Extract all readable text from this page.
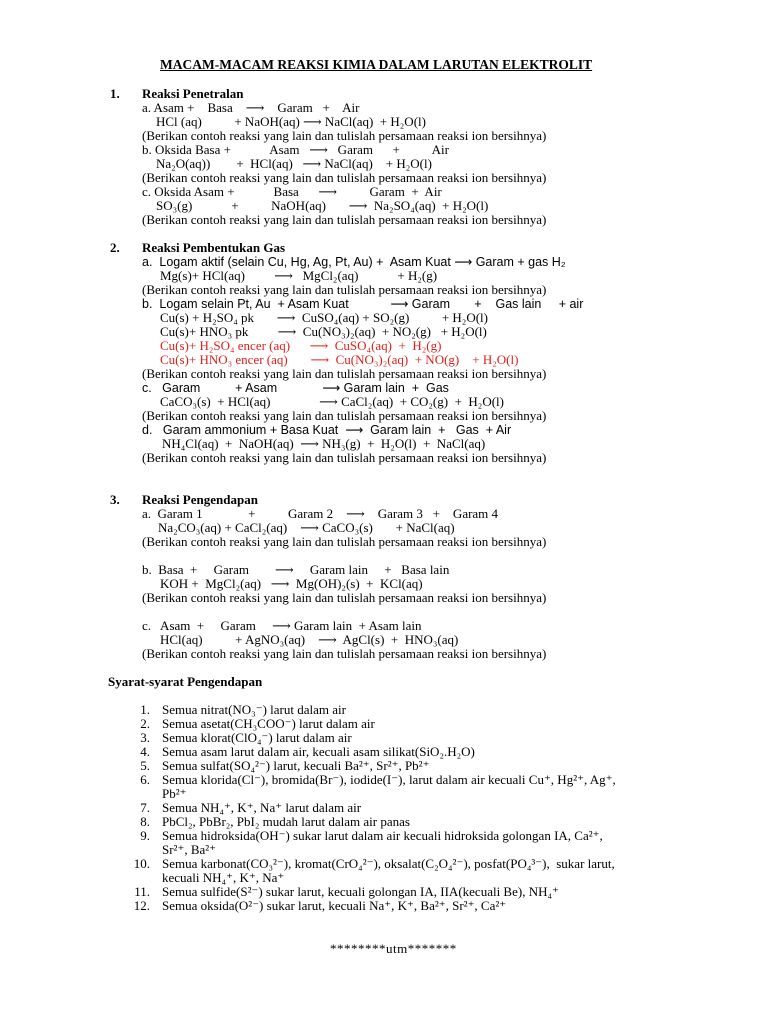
MACAM-MACAM REAKSI KIMIA DALAM LARUTAN ELEKTROLIT
1. Reaksi Penetralan
a. Asam +    Basa    ⟶    Garam   +    Air
HCl (aq)          + NaOH(aq) ⟶ NaCl(aq)  + H₂O(l)
(Berikan contoh reaksi yang lain dan tulislah persamaan reaksi ion bersihnya)
b. Oksida Basa +            Asam   ⟶   Garam      +          Air
Na₂O(aq))        +  HCl(aq)   ⟶ NaCl(aq)    + H₂O(l)
(Berikan contoh reaksi yang lain dan tulislah persamaan reaksi ion bersihnya)
c. Oksida Asam +            Basa      ⟶          Garam  +  Air
SO₃(g)            +          NaOH(aq)       ⟶  Na₂SO₄(aq)  + H₂O(l)
(Berikan contoh reaksi yang lain dan tulislah persamaan reaksi ion bersihnya)
2. Reaksi Pembentukan Gas
a.  Logam aktif (selain Cu, Hg, Ag, Pt, Au) +  Asam Kuat ⟶ Garam + gas H₂
Mg(s)+ HCl(aq)         ⟶   MgCl₂(aq)            + H₂(g)
(Berikan contoh reaksi yang lain dan tulislah persamaan reaksi ion bersihnya)
b.  Logam selain Pt, Au  + Asam Kuat            ⟶ Garam       +    Gas lain     + air
Cu(s) + H₂SO₄ pk       ⟶  CuSO₄(aq) + SO₂(g)          + H₂O(l)
Cu(s)+ HNO₃ pk         ⟶  Cu(NO₃)₂(aq)  + NO₂(g)   + H₂O(l)
Cu(s)+ H₂SO₄ encer (aq)      ⟶  CuSO₄(aq)  +  H₂(g)
Cu(s)+ HNO₃ encer (aq)       ⟶  Cu(NO₃)₂(aq)  + NO(g)    + H₂O(l)
(Berikan contoh reaksi yang lain dan tulislah persamaan reaksi ion bersihnya)
c.   Garam          + Asam             ⟶ Garam lain  +  Gas
CaCO₃(s)  + HCl(aq)               ⟶ CaCl₂(aq)  + CO₂(g)  +  H₂O(l)
(Berikan contoh reaksi yang lain dan tulislah persamaan reaksi ion bersihnya)
d.   Garam ammonium + Basa Kuat  ⟶  Garam lain  +   Gas  + Air
NH₄Cl(aq)  +  NaOH(aq)  ⟶ NH₃(g)  +  H₂O(l)  +  NaCl(aq)
(Berikan contoh reaksi yang lain dan tulislah persamaan reaksi ion bersihnya)
3. Reaksi Pengendapan
a.  Garam 1              +          Garam 2    ⟶    Garam 3   +    Garam 4
Na₂CO₃(aq) + CaCl₂(aq)    ⟶ CaCO₃(s)       + NaCl(aq)
(Berikan contoh reaksi yang lain dan tulislah persamaan reaksi ion bersihnya)
b.  Basa  +     Garam        ⟶     Garam lain     +   Basa lain
KOH +  MgCl₂(aq)   ⟶  Mg(OH)₂(s)  +  KCl(aq)
(Berikan contoh reaksi yang lain dan tulislah persamaan reaksi ion bersihnya)
c.   Asam  +     Garam     ⟶ Garam lain  + Asam lain
HCl(aq)          + AgNO₃(aq)    ⟶  AgCl(s)  +  HNO₃(aq)
(Berikan contoh reaksi yang lain dan tulislah persamaan reaksi ion bersihnya)
Syarat-syarat Pengendapan
1. Semua nitrat(NO₃⁻) larut dalam air
2. Semua asetat(CH₃COO⁻) larut dalam air
3. Semua klorat(ClO₄⁻) larut dalam air
4. Semua asam larut dalam air, kecuali asam silikat(SiO₂.H₂O)
5. Semua sulfat(SO₄²⁻) larut, kecuali Ba²⁺, Sr²⁺, Pb²⁺
6. Semua klorida(Cl⁻), bromida(Br⁻), iodide(I⁻), larut dalam air kecuali Cu⁺, Hg²⁺, Ag⁺,
Pb²⁺
7. Semua NH₄⁺, K⁺, Na⁺ larut dalam air
8. PbCl₂, PbBr₂, PbI₂ mudah larut dalam air panas
9. Semua hidroksida(OH⁻) sukar larut dalam air kecuali hidroksida golongan IA, Ca²⁺,
Sr²⁺, Ba²⁺
10. Semua karbonat(CO₃²⁻), kromat(CrO₄²⁻), oksalat(C₂O₄²⁻), posfat(PO₄³⁻),  sukar larut,
kecuali NH₄⁺, K⁺, Na⁺
11. Semua sulfide(S²⁻) sukar larut, kecuali golongan IA, IIA(kecuali Be), NH₄⁺
12. Semua oksida(O²⁻) sukar larut, kecuali Na⁺, K⁺, Ba²⁺, Sr²⁺, Ca²⁺
********utm*******
